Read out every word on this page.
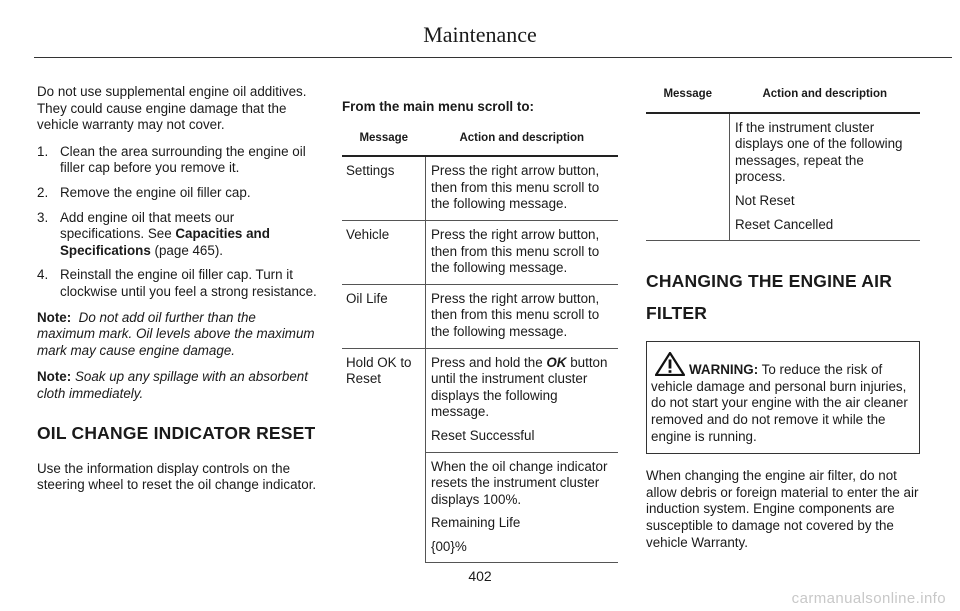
Maintenance

Do not use supplemental engine oil additives. They could cause engine damage that the vehicle warranty may not cover.

1. Clean the area surrounding the engine oil filler cap before you remove it.
2. Remove the engine oil filler cap.
3. Add engine oil that meets our specifications. See Capacities and Specifications (page 465).
4. Reinstall the engine oil filler cap. Turn it clockwise until you feel a strong resistance.

Note: Do not add oil further than the maximum mark. Oil levels above the maximum mark may cause engine damage.

Note: Soak up any spillage with an absorbent cloth immediately.

OIL CHANGE INDICATOR RESET

Use the information display controls on the steering wheel to reset the oil change indicator.

From the main menu scroll to:

Message	Action and description
Settings	Press the right arrow button, then from this menu scroll to the following message.
Vehicle	Press the right arrow button, then from this menu scroll to the following message.
Oil Life	Press the right arrow button, then from this menu scroll to the following message.
Hold OK to Reset	Press and hold the OK button until the instrument cluster displays the following message.

Reset Successful

	When the oil change indicator resets the instrument cluster displays 100%.

Remaining Life

{00}%

Message	Action and description

	If the instrument cluster displays one of the following messages, repeat the process.

Not Reset

Reset Cancelled

CHANGING THE ENGINE AIR
FILTER
WARNING: To reduce the risk of vehicle damage and personal burn injuries, do not start your engine with the air cleaner removed and do not remove it while the engine is running.

When changing the engine air filter, do not allow debris or foreign material to enter the air induction system. Engine components are susceptible to damage not covered by the vehicle Warranty.

402
carmanualsonline.info
